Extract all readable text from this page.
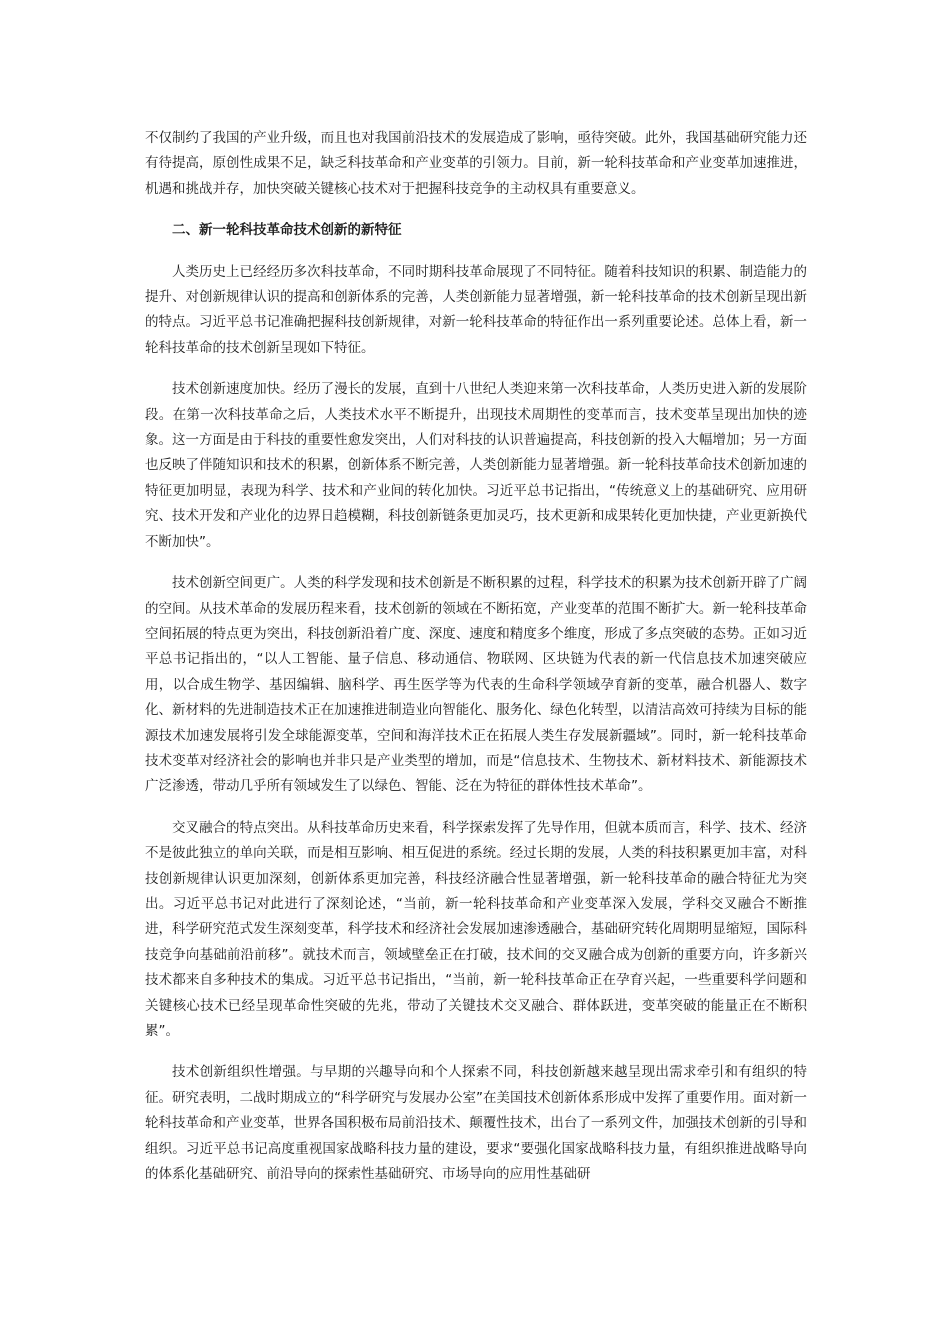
不仅制约了我国的产业升级，而且也对我国前沿技术的发展造成了影响，亟待突破。此外，我国基础研究能力还有待提高，原创性成果不足，缺乏科技革命和产业变革的引领力。目前，新一轮科技革命和产业变革加速推进，机遇和挑战并存，加快突破关键核心技术对于把握科技竞争的主动权具有重要意义。

二、新一轮科技革命技术创新的新特征

人类历史上已经经历多次科技革命，不同时期科技革命展现了不同特征。随着科技知识的积累、制造能力的提升、对创新规律认识的提高和创新体系的完善，人类创新能力显著增强，新一轮科技革命的技术创新呈现出新的特点。习近平总书记准确把握科技创新规律，对新一轮科技革命的特征作出一系列重要论述。总体上看，新一轮科技革命的技术创新呈现如下特征。

技术创新速度加快。经历了漫长的发展，直到十八世纪人类迎来第一次科技革命，人类历史进入新的发展阶段。在第一次科技革命之后，人类技术水平不断提升，出现技术周期性的变革而言，技术变革呈现出加快的迹象。这一方面是由于科技的重要性愈发突出，人们对科技的认识普遍提高，科技创新的投入大幅增加；另一方面也反映了伴随知识和技术的积累，创新体系不断完善，人类创新能力显著增强。新一轮科技革命技术创新加速的特征更加明显，表现为科学、技术和产业间的转化加快。习近平总书记指出，“传统意义上的基础研究、应用研究、技术开发和产业化的边界日趋模糊，科技创新链条更加灵巧，技术更新和成果转化更加快捷，产业更新换代不断加快”。

技术创新空间更广。人类的科学发现和技术创新是不断积累的过程，科学技术的积累为技术创新开辟了广阔的空间。从技术革命的发展历程来看，技术创新的领域在不断拓宽，产业变革的范围不断扩大。新一轮科技革命空间拓展的特点更为突出，科技创新沿着广度、深度、速度和精度多个维度，形成了多点突破的态势。正如习近平总书记指出的，“以人工智能、量子信息、移动通信、物联网、区块链为代表的新一代信息技术加速突破应用，以合成生物学、基因编辑、脑科学、再生医学等为代表的生命科学领域孕育新的变革，融合机器人、数字化、新材料的先进制造技术正在加速推进制造业向智能化、服务化、绿色化转型，以清洁高效可持续为目标的能源技术加速发展将引发全球能源变革，空间和海洋技术正在拓展人类生存发展新疆域”。同时，新一轮科技革命技术变革对经济社会的影响也并非只是产业类型的增加，而是“信息技术、生物技术、新材料技术、新能源技术广泛渗透，带动几乎所有领域发生了以绿色、智能、泛在为特征的群体性技术革命”。

交叉融合的特点突出。从科技革命历史来看，科学探索发挥了先导作用，但就本质而言，科学、技术、经济不是彼此独立的单向关联，而是相互影响、相互促进的系统。经过长期的发展，人类的科技积累更加丰富，对科技创新规律认识更加深刻，创新体系更加完善，科技经济融合性显著增强，新一轮科技革命的融合特征尤为突出。习近平总书记对此进行了深刻论述，“当前，新一轮科技革命和产业变革深入发展，学科交叉融合不断推进，科学研究范式发生深刻变革，科学技术和经济社会发展加速渗透融合，基础研究转化周期明显缩短，国际科技竞争向基础前沿前移”。就技术而言，领域壁垒正在打破，技术间的交叉融合成为创新的重要方向，许多新兴技术都来自多种技术的集成。习近平总书记指出，“当前，新一轮科技革命正在孕育兴起，一些重要科学问题和关键核心技术已经呈现革命性突破的先兆，带动了关键技术交叉融合、群体跃进，变革突破的能量正在不断积累”。

技术创新组织性增强。与早期的兴趣导向和个人探索不同，科技创新越来越呈现出需求牵引和有组织的特征。研究表明，二战时期成立的“科学研究与发展办公室”在美国技术创新体系形成中发挥了重要作用。面对新一轮科技革命和产业变革，世界各国积极布局前沿技术、颠覆性技术，出台了一系列文件，加强技术创新的引导和组织。习近平总书记高度重视国家战略科技力量的建设，要求“要强化国家战略科技力量，有组织推进战略导向的体系化基础研究、前沿导向的探索性基础研究、市场导向的应用性基础研
